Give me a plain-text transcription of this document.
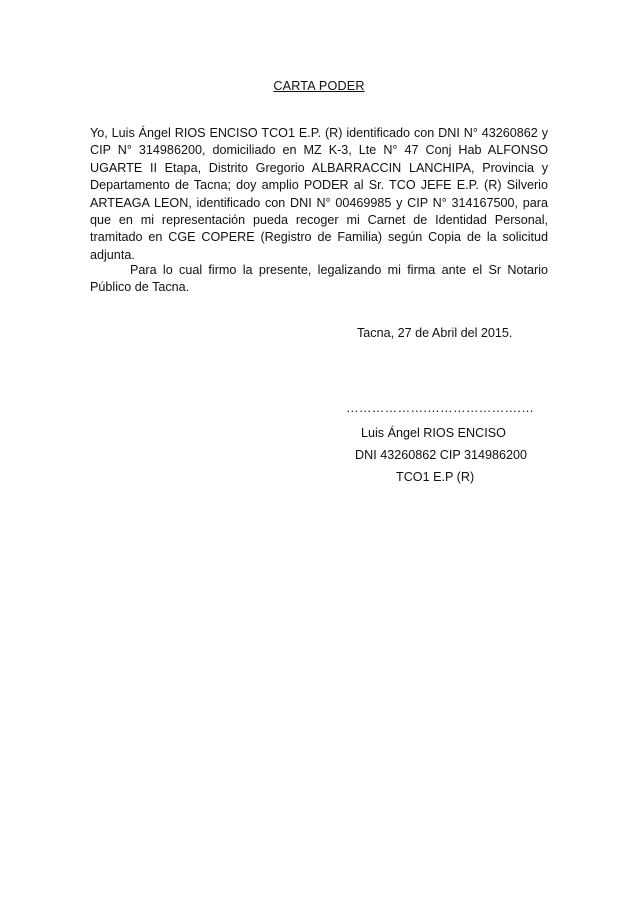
CARTA PODER
Yo, Luis Ángel RIOS ENCISO TCO1 E.P. (R) identificado con DNI N° 43260862 y CIP N° 314986200, domiciliado en MZ K-3, Lte N° 47 Conj Hab ALFONSO UGARTE II Etapa, Distrito Gregorio ALBARRACCIN LANCHIPA, Provincia y Departamento de Tacna; doy amplio PODER al Sr. TCO JEFE E.P. (R) Silverio ARTEAGA LEON, identificado con DNI N° 00469985 y CIP N° 314167500, para que en mi representación pueda recoger mi Carnet de Identidad Personal, tramitado en CGE COPERE (Registro de Familia) según Copia de la solicitud adjunta.
Para lo cual firmo la presente, legalizando mi firma ante el Sr Notario Público de Tacna.
Tacna, 27 de Abril del 2015.
……………….………………….…
Luis Ángel RIOS ENCISO
DNI 43260862 CIP 314986200
TCO1 E.P (R)
